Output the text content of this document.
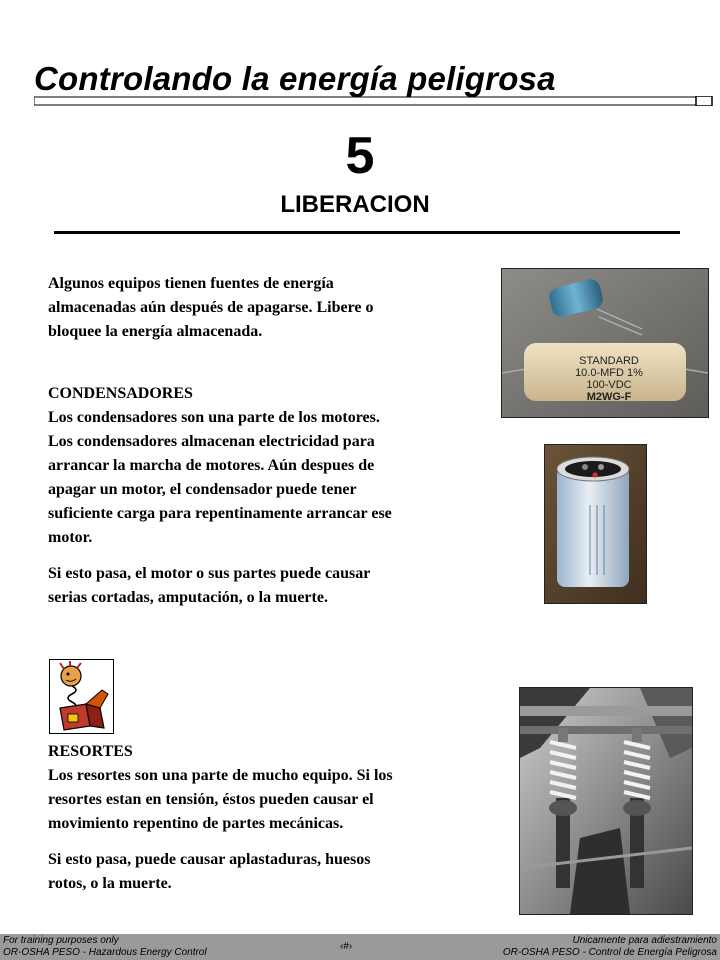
Controlando la energía peligrosa
5
LIBERACION
Algunos equipos tienen fuentes de energía
almacenadas aún después de apagarse. Libere o
bloquee la energía almacenada.
CONDENSADORES
Los condensadores son una parte de los motores.
Los condensadores almacenan electricidad para
arrancar la marcha de motores. Aún despues de
apagar un motor, el condensador puede tener
suficiente carga para repentinamente arrancar ese
motor.
Si esto pasa, el motor o sus partes puede causar
serias cortadas, amputación, o la muerte.
STANDARD
10.0-MFD 1%
100-VDC
M2WG-F
RESORTES
Los resortes son una parte de mucho equipo. Si los
resortes estan en tensión, éstos pueden causar el
movimiento repentino de partes mecánicas.
Si esto pasa, puede causar aplastaduras, huesos
rotos, o la muerte.
For training purposes only
OR-OSHA PESO - Hazardous Energy Control
‹#›
Unicamente para adiestramiento
OR-OSHA PESO - Control de Energía Peligrosa
